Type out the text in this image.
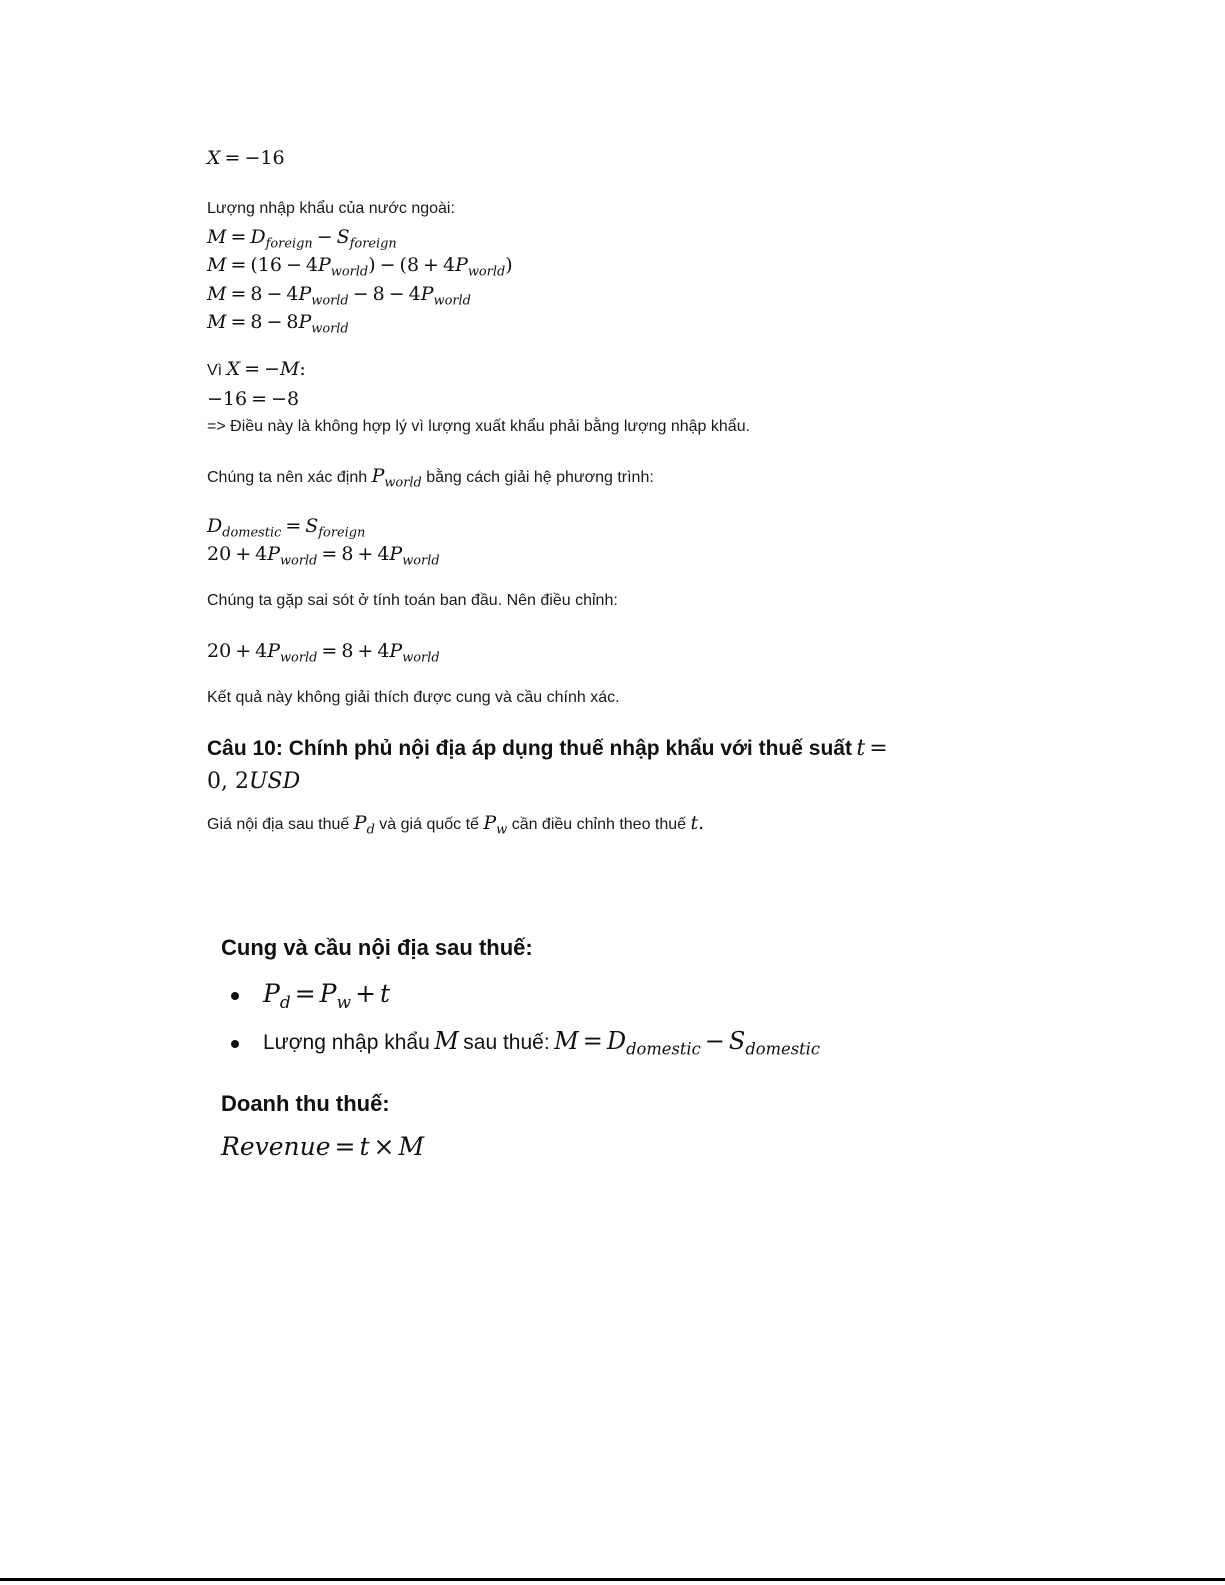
X = −16
Lượng nhập khẩu của nước ngoài:
$M = D_{foreign} - S_{foreign}$
$M = (16 - 4P_{world}) - (8 + 4P_{world})$
$M = 8 - 4P_{world} - 8 - 4P_{world}$
$M = 8 - 8P_{world}$
Vì X = −M:
−16 = −8
=> Điều này là không hợp lý vì lượng xuất khẩu phải bằng lượng nhập khẩu.
Chúng ta nên xác định $P_{world}$ bằng cách giải hệ phương trình:
$D_{domestic} = S_{foreign}$
$20 + 4P_{world} = 8 + 4P_{world}$
Chúng ta gặp sai sót ở tính toán ban đầu. Nên điều chỉnh:
$20 + 4P_{world} = 8 + 4P_{world}$
Kết quả này không giải thích được cung và cầu chính xác.
Câu 10: Chính phủ nội địa áp dụng thuế nhập khẩu với thuế suất t =
0, 2USD
Giá nội địa sau thuế $P_d$ và giá quốc tế $P_w$ cần điều chỉnh theo thuế t.
Cung và cầu nội địa sau thuế:
$P_d = P_w + t$
Lượng nhập khẩu M sau thuế: $M = D_{domestic} - S_{domestic}$
Doanh thu thuế:
Revenue = t × M
